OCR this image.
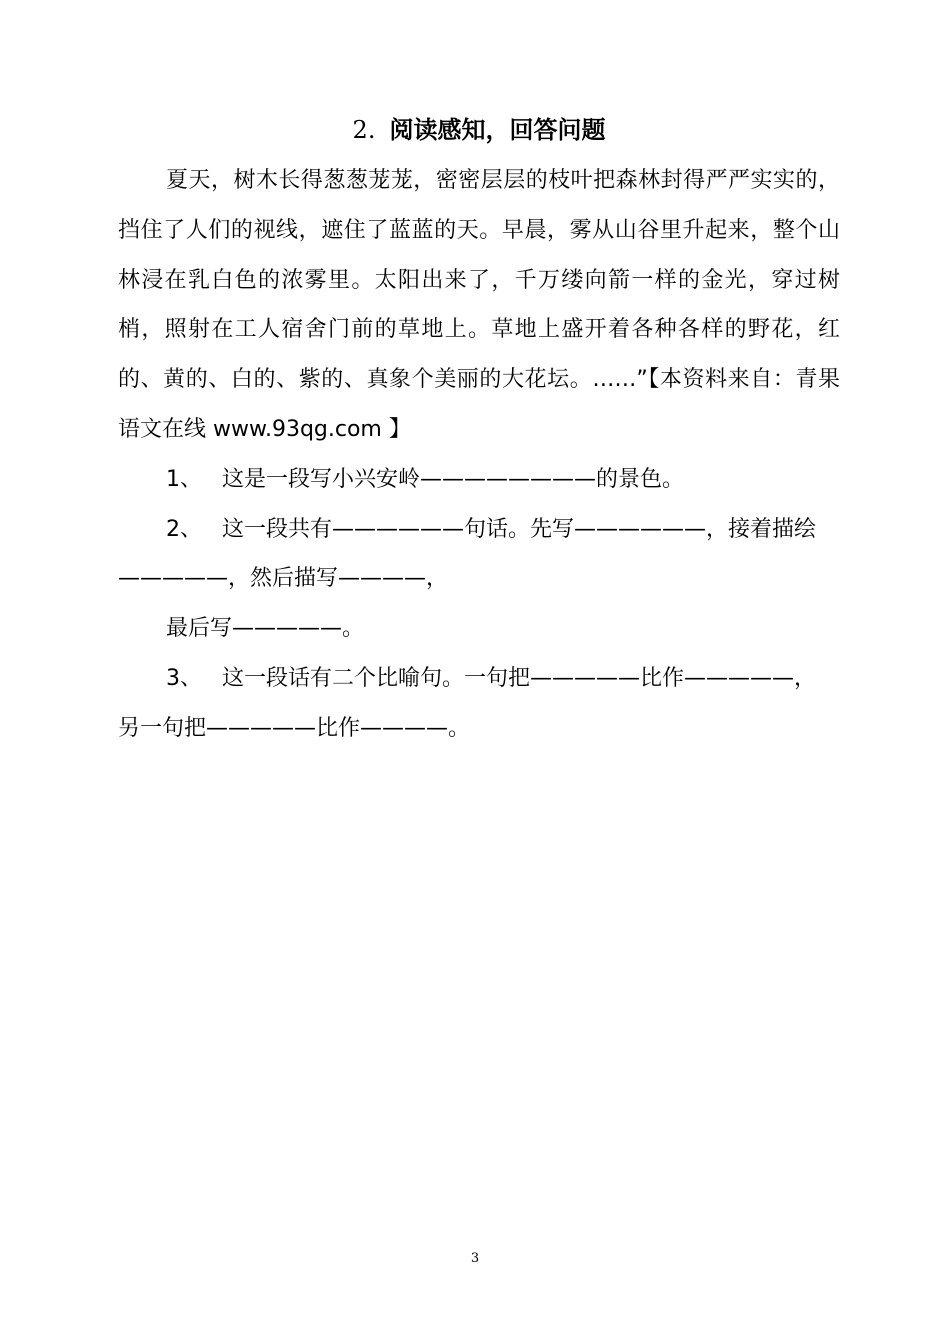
2. 阅读感知，回答问题

夏天，树木长得葱葱茏茏，密密层层的枝叶把森林封得严严实实的，挡住了人们的视线，遮住了蓝蓝的天。早晨，雾从山谷里升起来，整个山林浸在乳白色的浓雾里。太阳出来了，千万缕向箭一样的金光，穿过树梢，照射在工人宿舍门前的草地上。草地上盛开着各种各样的野花，红的、黄的、白的、紫的、真象个美丽的大花坛。……”【本资料来自：青果语文在线 www.93qg.com 】

1、 这是一段写小兴安岭————————的景色。

2、 这一段共有——————句话。先写——————，接着描绘

—————，然后描写————，

最后写—————。

3、 这一段话有二个比喻句。一句把—————比作—————，

另一句把—————比作————。

3
